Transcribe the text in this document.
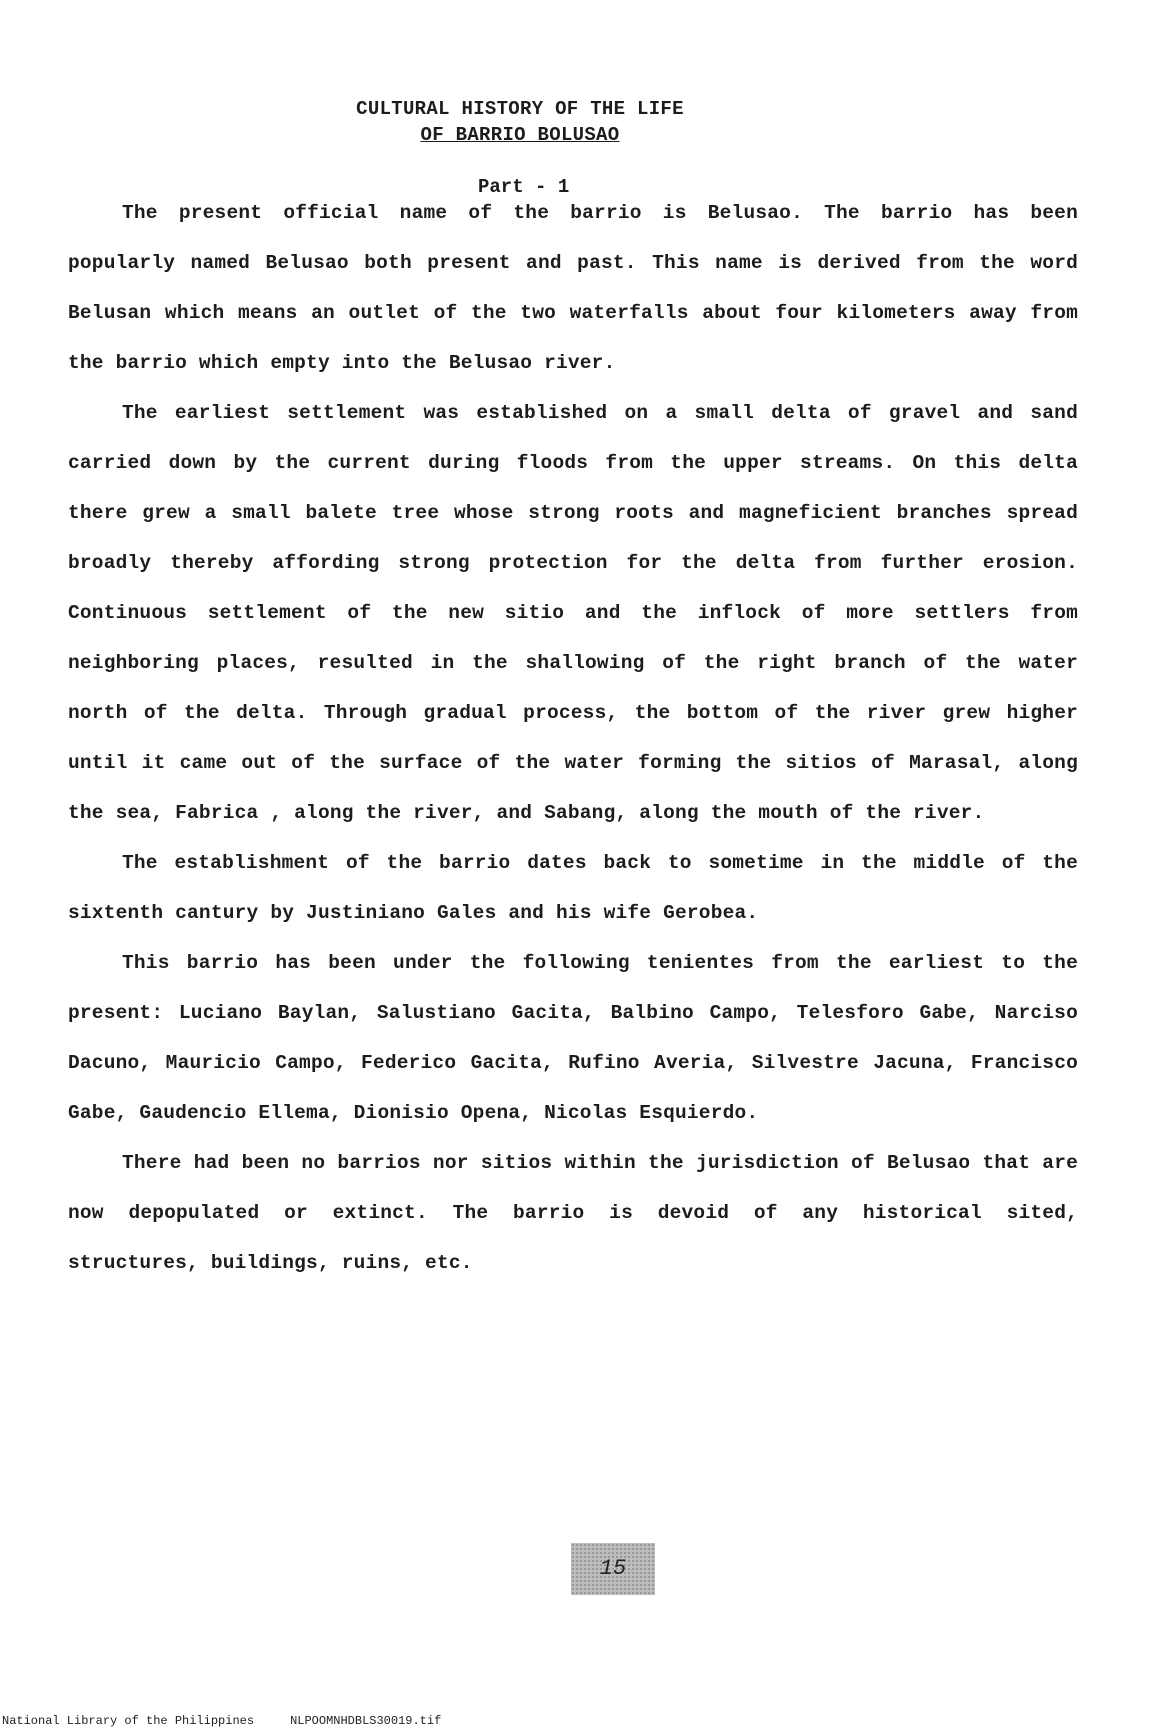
CULTURAL HISTORY OF THE LIFE
OF BARRIO BOLUSAO
Part - 1

The present official name of the barrio is Belusao. The barrio has been popularly named Belusao both present and past. This name is derived from the word Belusan which means an outlet of the two waterfalls about four kilometers away from the barrio which empty into the Belusao river.

The earliest settlement was established on a small delta of gravel and sand carried down by the current during floods from the upper streams. On this delta there grew a small balete tree whose strong roots and magneficient branches spread broadly thereby affording strong protection for the delta from further erosion. Continuous settlement of the new sitio and the inflock of more settlers from neighboring places, resulted in the shallowing of the right branch of the water north of the delta. Through gradual process, the bottom of the river grew higher until it came out of the surface of the water forming the sitios of Marasal, along the sea, Fabrica , along the river, and Sabang, along the mouth of the river.

The establishment of the barrio dates back to sometime in the middle of the sixtenth cantury by Justiniano Gales and his wife Gerobea.

This barrio has been under the following tenientes from the earliest to the present: Luciano Baylan, Salustiano Gacita, Balbino Campo, Telesforo Gabe, Narciso Dacuno, Mauricio Campo, Federico Gacita, Rufino Averia, Silvestre Jacuna, Francisco Gabe, Gaudencio Ellema, Dionisio Opena, Nicolas Esquierdo.

There had been no barrios nor sitios within the jurisdiction of Belusao that are now depopulated or extinct. The barrio is devoid of any historical sited, structures, buildings, ruins, etc.

15
National Library of the Philippines	NLPOOMNHDBLS30019.tif
